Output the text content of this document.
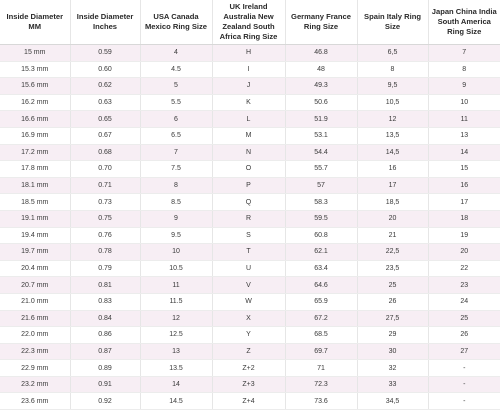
Inside Diameter MM	Inside Diameter Inches	USA Canada Mexico Ring Size	UK Ireland Australia New Zealand South Africa Ring Size	Germany France Ring Size	Spain Italy Ring Size	Japan China India South America Ring Size
15 mm	0.59	4	H	46.8	6,5	7
15.3 mm	0.60	4.5	I	48	8	8
15.6 mm	0.62	5	J	49.3	9,5	9
16.2 mm	0.63	5.5	K	50.6	10,5	10
16.6 mm	0.65	6	L	51.9	12	11
16.9 mm	0.67	6.5	M	53.1	13,5	13
17.2 mm	0.68	7	N	54.4	14,5	14
17.8 mm	0.70	7.5	O	55.7	16	15
18.1 mm	0.71	8	P	57	17	16
18.5 mm	0.73	8.5	Q	58.3	18,5	17
19.1 mm	0.75	9	R	59.5	20	18
19.4 mm	0.76	9.5	S	60.8	21	19
19.7 mm	0.78	10	T	62.1	22,5	20
20.4 mm	0.79	10.5	U	63.4	23,5	22
20.7 mm	0.81	11	V	64.6	25	23
21.0 mm	0.83	11.5	W	65.9	26	24
21.6 mm	0.84	12	X	67.2	27,5	25
22.0 mm	0.86	12.5	Y	68.5	29	26
22.3 mm	0.87	13	Z	69.7	30	27
22.9 mm	0.89	13.5	Z+2	71	32	-
23.2 mm	0.91	14	Z+3	72.3	33	-
23.6 mm	0.92	14.5	Z+4	73.6	34,5	-
